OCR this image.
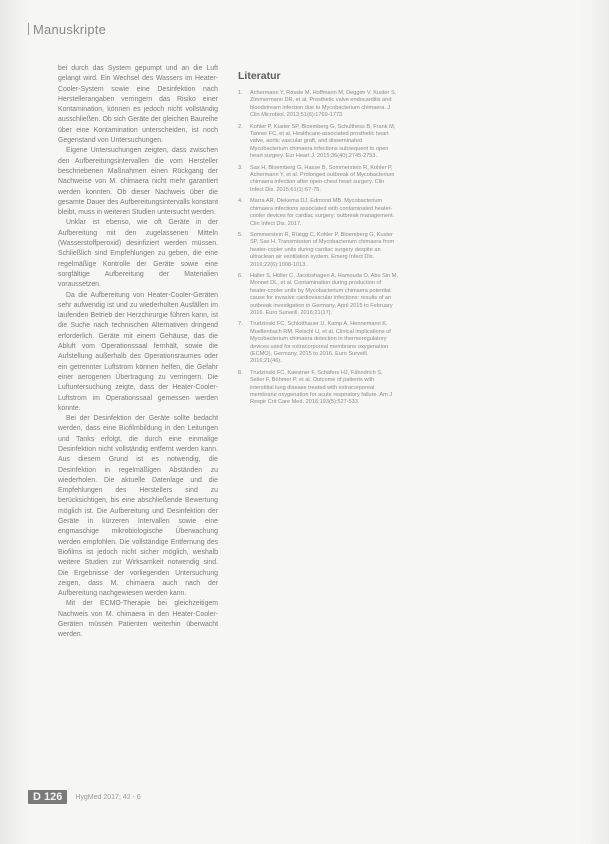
Manuskripte

bei durch das System gepumpt und an die Luft gelangt wird. Ein Wechsel des Wassers im Heater-Cooler-System sowie eine Desinfektion nach Herstellerangaben verringern das Risiko einer Kontamination, können es jedoch nicht vollständig ausschließen. Ob sich Geräte der gleichen Baureihe über eine Kontamination unterscheiden, ist noch Gegenstand von Untersuchungen.

Eigene Untersuchungen zeigten, dass zwischen den Aufbereitungsintervallen die vom Hersteller beschriebenen Maßnahmen einen Rückgang der Nachweise von M. chimaera nicht mehr garantiert werden konnten. Ob dieser Nachweis über die gesamte Dauer des Aufbereitungsintervalls konstant bleibt, muss in weiteren Studien untersucht werden.

Unklar ist ebenso, wie oft Geräte in der Aufbereitung mit den zugelassenen Mitteln (Wasserstoffperoxid) desinfiziert werden müssen. Schließlich sind Empfehlungen zu geben, die eine regelmäßige Kontrolle der Geräte sowie eine sorgfältige Aufbereitung der Materialien voraussetzen.

Da die Aufbereitung von Heater-Cooler-Geräten sehr aufwendig ist und zu wiederholten Ausfällen im laufenden Betrieb der Herzchirurgie führen kann, ist die Suche nach technischen Alternativen dringend erforderlich. Geräte mit einem Gehäuse, das die Abluft vom Operationssaal fernhält, sowie die Aufstellung außerhalb des Operationsraumes oder ein getrennter Luftstrom können helfen, die Gefahr einer aerogenen Übertragung zu verringern. Die Luftuntersuchung zeigte, dass der Heater-Cooler-Luftstrom im Operationssaal gemessen werden konnte.

Bei der Desinfektion der Geräte sollte bedacht werden, dass eine Biofilmbildung in den Leitungen und Tanks erfolgt, die durch eine einmalige Desinfektion nicht vollständig entfernt werden kann. Aus diesem Grund ist es notwendig, die Desinfektion in regelmäßigen Abständen zu wiederholen. Die aktuelle Datenlage und die Empfehlungen des Herstellers sind zu berücksichtigen, bis eine abschließende Bewertung möglich ist. Die Aufbereitung und Desinfektion der Geräte in kürzeren Intervallen sowie eine engmaschige mikrobiologische Überwachung werden empfohlen. Die vollständige Entfernung des Biofilms ist jedoch nicht sicher möglich, weshalb weitere Studien zur Wirksamkeit notwendig sind. Die Ergebnisse der vorliegenden Untersuchung zeigen, dass M. chimaera auch nach der Aufbereitung nachgewiesen werden kann.

Mit der ECMO-Therapie bei gleichzeitigem Nachweis von M. chimaera in den Heater-Cooler-Geräten müssen Patienten weiterhin überwacht werden.

Literatur
1. Achermann Y, Rössle M, Hoffmann M, Deggim V, Kuster S, Zimmermann DR, et al. Prosthetic valve endocarditis and bloodstream infection due to Mycobacterium chimaera. J Clin Microbiol. 2013;51(6):1769-1773.
2. Kohler P, Kuster SP, Bloemberg G, Schulthess B, Frank M, Tanner FC, et al. Healthcare-associated prosthetic heart valve, aortic vascular graft, and disseminated Mycobacterium chimaera infections subsequent to open heart surgery. Eur Heart J. 2015;36(40):2745-2753.
3. Sax H, Bloemberg G, Hasse B, Sommerstein R, Kohler P, Achermann Y, et al. Prolonged outbreak of Mycobacterium chimaera infection after open-chest heart surgery. Clin Infect Dis. 2015;61(1):67-75.
4. Marra AR, Diekema DJ, Edmond MB. Mycobacterium chimaera infections associated with contaminated heater-cooler devices for cardiac surgery: outbreak management. Clin Infect Dis. 2017.
5. Sommerstein R, Rüegg C, Kohler P, Bloemberg G, Kuster SP, Sax H. Transmission of Mycobacterium chimaera from heater-cooler units during cardiac surgery despite an ultraclean air ventilation system. Emerg Infect Dis. 2016;22(6):1008-1013.
6. Haller S, Höller C, Jacobshagen A, Hamouda O, Abu Sin M, Monnet DL, et al. Contamination during production of heater-cooler units by Mycobacterium chimaera potential cause for invasive cardiovascular infections: results of an outbreak investigation in Germany, April 2015 to February 2016. Euro Surveill. 2016;21(17).
7. Trudzinski FC, Schlotthauer U, Kamp A, Hennemann K, Muellenbach RM, Reischl U, et al. Clinical implications of Mycobacterium chimaera detection in thermoregulatory devices used for extracorporeal membrane oxygenation (ECMO), Germany, 2015 to 2016. Euro Surveill. 2016;21(46).
8. Trudzinski FC, Kaestner F, Schäfers HJ, Fähndrich S, Seiler F, Böhmer P, et al. Outcome of patients with interstitial lung disease treated with extracorporeal membrane oxygenation for acute respiratory failure. Am J Respir Crit Care Med. 2016;193(5):527-533.
D 126	HygMed 2017; 42 - 6
